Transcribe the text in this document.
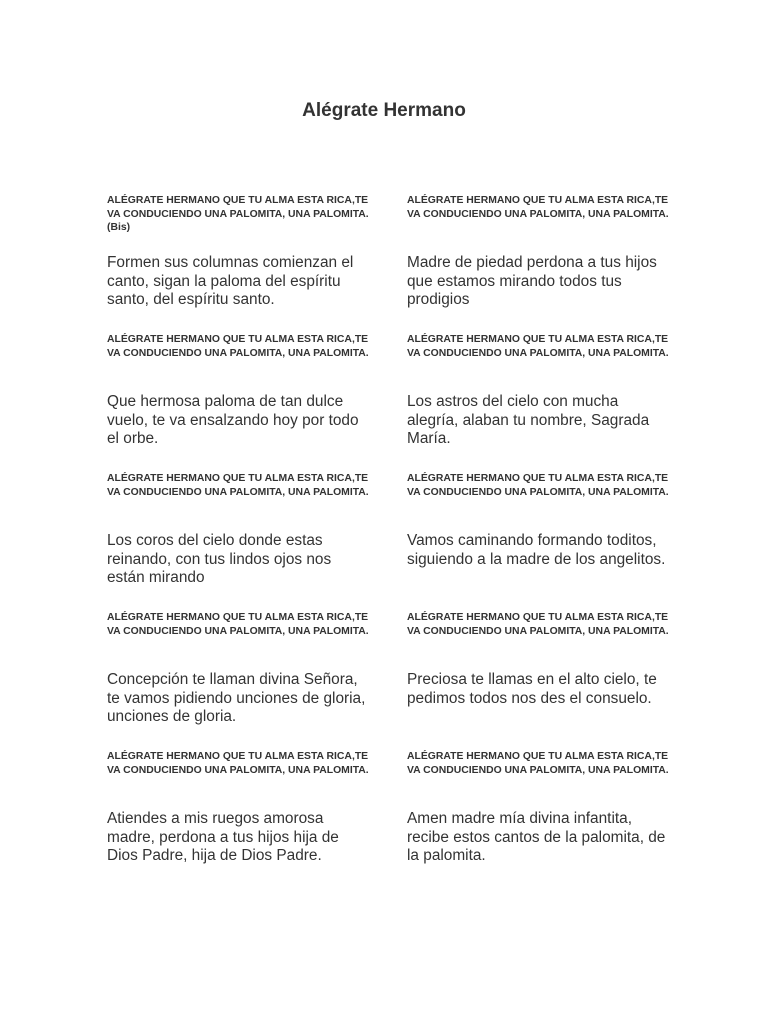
Alégrate Hermano

ALÉGRATE HERMANO QUE TU ALMA ESTA RICA,TE VA CONDUCIENDO UNA PALOMITA, UNA PALOMITA. (Bis)

Formen sus columnas comienzan el canto, sigan la paloma del espíritu santo, del espíritu santo.

ALÉGRATE HERMANO QUE TU ALMA ESTA RICA,TE VA CONDUCIENDO UNA PALOMITA, UNA PALOMITA.

Que hermosa paloma de tan dulce vuelo, te va ensalzando hoy por todo el orbe.

ALÉGRATE HERMANO QUE TU ALMA ESTA RICA,TE VA CONDUCIENDO UNA PALOMITA, UNA PALOMITA.

Los coros del cielo donde estas reinando, con tus lindos ojos nos están mirando

ALÉGRATE HERMANO QUE TU ALMA ESTA RICA,TE VA CONDUCIENDO UNA PALOMITA, UNA PALOMITA.

Concepción te llaman divina Señora, te vamos pidiendo unciones de gloria, unciones de gloria.

ALÉGRATE HERMANO QUE TU ALMA ESTA RICA,TE VA CONDUCIENDO UNA PALOMITA, UNA PALOMITA.

Atiendes a mis ruegos amorosa madre, perdona a tus hijos hija de Dios Padre, hija de Dios Padre.

ALÉGRATE HERMANO QUE TU ALMA ESTA RICA,TE VA CONDUCIENDO UNA PALOMITA, UNA PALOMITA.

Madre de piedad perdona a tus hijos que estamos mirando todos tus prodigios

ALÉGRATE HERMANO QUE TU ALMA ESTA RICA,TE VA CONDUCIENDO UNA PALOMITA, UNA PALOMITA.

Los astros del cielo con mucha alegría, alaban tu nombre, Sagrada María.

ALÉGRATE HERMANO QUE TU ALMA ESTA RICA,TE VA CONDUCIENDO UNA PALOMITA, UNA PALOMITA.

Vamos caminando formando toditos, siguiendo a la madre de los angelitos.

ALÉGRATE HERMANO QUE TU ALMA ESTA RICA,TE VA CONDUCIENDO UNA PALOMITA, UNA PALOMITA.

Preciosa te llamas en el alto cielo, te pedimos todos nos des el consuelo.

ALÉGRATE HERMANO QUE TU ALMA ESTA RICA,TE VA CONDUCIENDO UNA PALOMITA, UNA PALOMITA.

Amen madre mía divina infantita, recibe estos cantos de la palomita, de la palomita.
